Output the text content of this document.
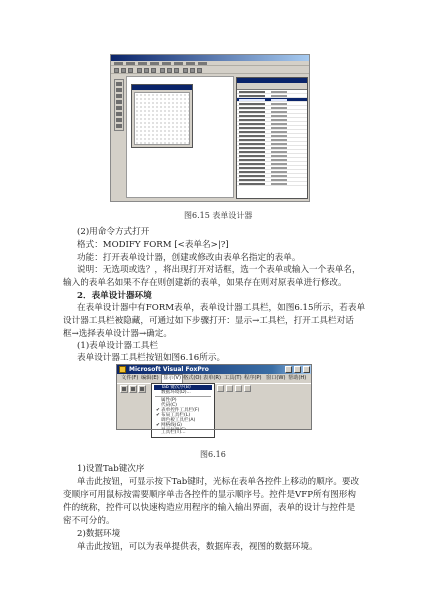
图6.15 表单设计器
(2)用命令方式打开
格式：MODIFY FORM [<表单名>|?]
功能：打开表单设计器，创建或修改由表单名指定的表单。
说明：无选项或选？，将出现打开对话框，选一个表单或输入一个表单名，
输入的表单名如果不存在则创建新的表单，如果存在则对原表单进行修改。
2．表单设计器环境
在表单设计器中有FORM表单，表单设计器工具栏，如图6.15所示，若表单
设计器工具栏被隐藏，可通过如下步骤打开：显示→工具栏，打开工具栏对话
框→选择表单设计器→确定。
(1)表单设计器工具栏
表单设计器工具栏按钮如图6.16所示。
Microsoft Visual FoxPro
文件(F) 编辑(E) 显示(V) 格式(O) 表单(R) 工具(T) 程序(P) 窗口(W) 帮助(H)
Tab 键次序(B)
数据环境(D)...
属性(P)
代码(C)
✔ 表单控件工具栏(F)
✔ 布局工具栏(L)
调色板工具栏(A)
✔ 网格线(G)
工具栏(T)...
图6.16
1)设置Tab键次序
单击此按钮，可显示按下Tab键时，光标在表单各控件上移动的顺序。要改
变顺序可用鼠标按需要顺序单击各控件的显示顺序号。控件是VFP所有图形构
件的统称，控件可以快速构造应用程序的输入输出界面，表单的设计与控件是
密不可分的。
2)数据环境
单击此按钮，可以为表单提供表，数据库表，视图的数据环境。
